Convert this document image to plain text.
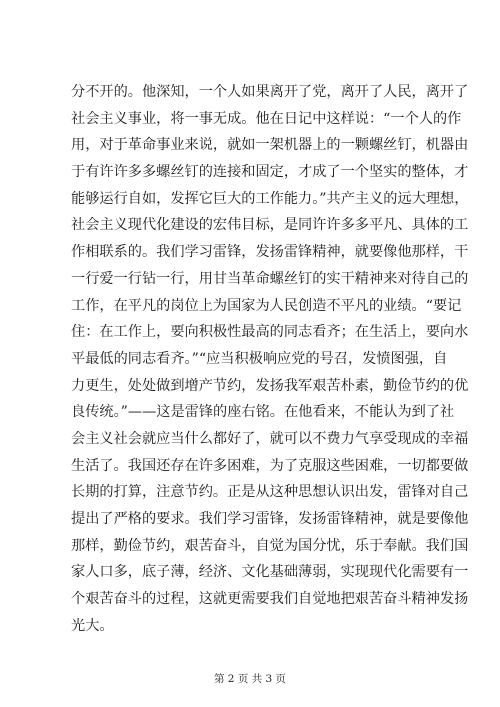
分不开的。他深知，一个人如果离开了党，离开了人民，离开了
社会主义事业，将一事无成。他在日记中这样说：“一个人的作
用，对于革命事业来说，就如一架机器上的一颗螺丝钉，机器由
于有许许多多螺丝钉的连接和固定，才成了一个坚实的整体，才
能够运行自如，发挥它巨大的工作能力。”共产主义的远大理想，
社会主义现代化建设的宏伟目标，是同许许多多平凡、具体的工
作相联系的。我们学习雷锋，发扬雷锋精神，就要像他那样，干
一行爱一行钻一行，用甘当革命螺丝钉的实干精神来对待自己的
工作，在平凡的岗位上为国家为人民创造不平凡的业绩。“要记
住：在工作上，要向积极性最高的同志看齐；在生活上，要向水
平最低的同志看齐。”“应当积极响应党的号召，发愤图强，自
力更生，处处做到增产节约，发扬我军艰苦朴素，勤俭节约的优
良传统。”——这是雷锋的座右铭。在他看来，不能认为到了社
会主义社会就应当什么都好了，就可以不费力气享受现成的幸福
生活了。我国还存在许多困难，为了克服这些困难，一切都要做
长期的打算，注意节约。正是从这种思想认识出发，雷锋对自己
提出了严格的要求。我们学习雷锋，发扬雷锋精神，就是要像他
那样，勤俭节约，艰苦奋斗，自觉为国分忧，乐于奉献。我们国
家人口多，底子薄，经济、文化基础薄弱，实现现代化需要有一
个艰苦奋斗的过程，这就更需要我们自觉地把艰苦奋斗精神发扬
光大。
第 2 页 共 3 页
